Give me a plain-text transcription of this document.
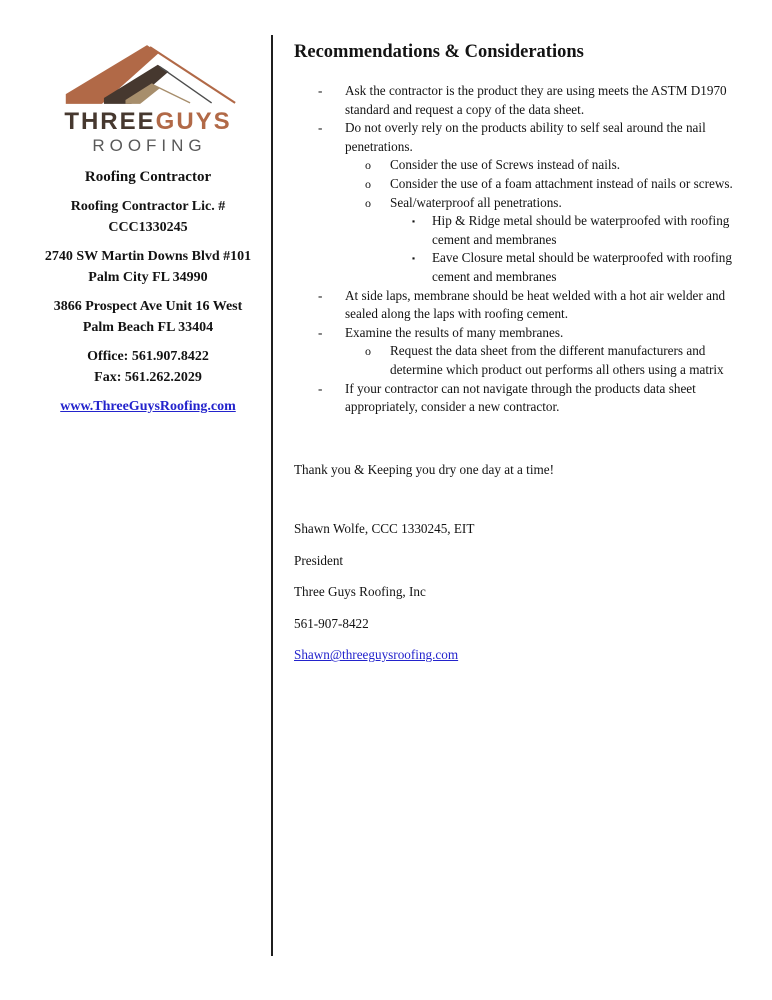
THREEGUYS
ROOFING
Roofing Contractor
Roofing Contractor Lic. #
CCC1330245
2740 SW Martin Downs Blvd #101
Palm City FL 34990
3866 Prospect Ave Unit 16 West
Palm Beach FL 33404
Office: 561.907.8422
Fax: 561.262.2029
www.ThreeGuysRoofing.com
Recommendations & Considerations
-	Ask the contractor is the product they are using meets the ASTM D1970 standard and request a copy of the data sheet.
-	Do not overly rely on the products ability to self seal around the nail penetrations.
o	Consider the use of Screws instead of nails.
o	Consider the use of a foam attachment instead of nails or screws.
o	Seal/waterproof all penetrations.
▪	Hip & Ridge metal should be waterproofed with roofing cement and membranes
▪	Eave Closure metal should be waterproofed with roofing cement and membranes
-	At side laps, membrane should be heat welded with a hot air welder and sealed along the laps with roofing cement.
-	Examine the results of many membranes.
o	Request the data sheet from the different manufacturers and determine which product out performs all others using a matrix
-	If your contractor can not navigate through the products data sheet appropriately, consider a new contractor.
Thank you & Keeping you dry one day at a time!
Shawn Wolfe, CCC 1330245, EIT
President
Three Guys Roofing, Inc
561-907-8422
Shawn@threeguysroofing.com
